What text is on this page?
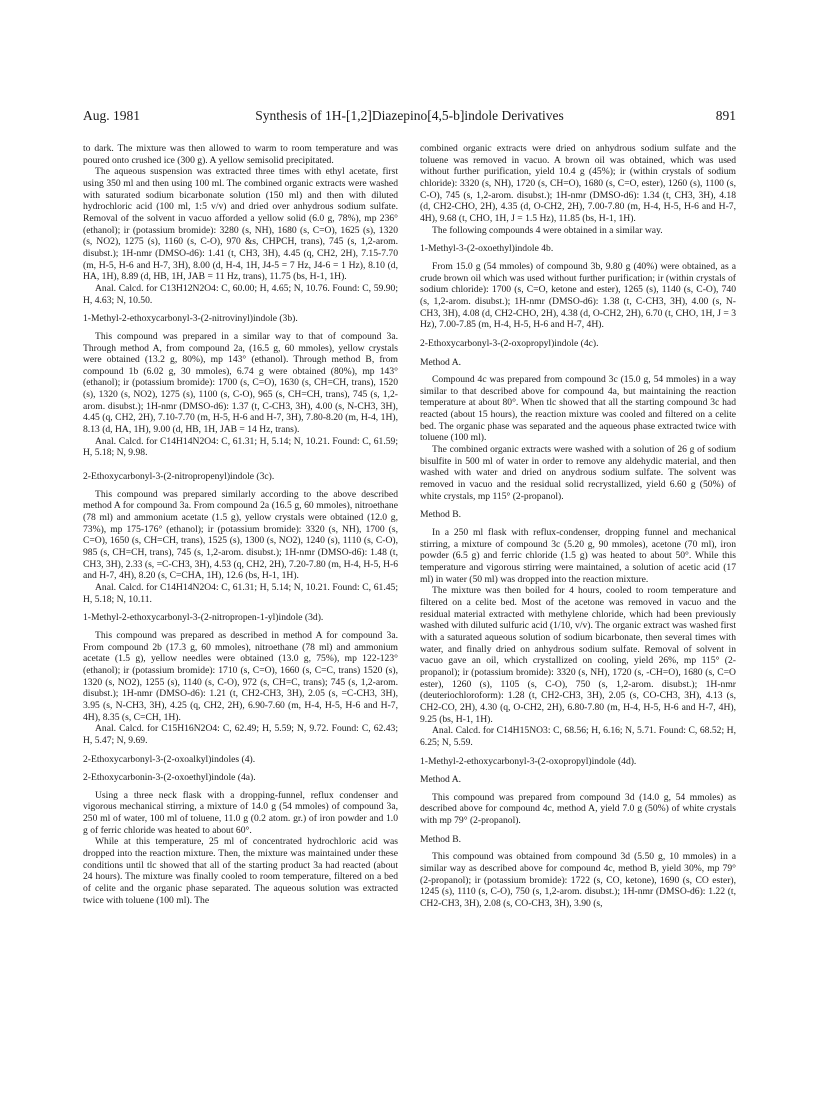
Aug. 1981	Synthesis of 1H-[1,2]Diazepino[4,5-b]indole Derivatives	891

to dark. The mixture was then allowed to warm to room temperature and was poured onto crushed ice (300 g). A yellow semisolid precipitated.

The aqueous suspension was extracted three times with ethyl acetate, first using 350 ml and then using 100 ml. The combined organic extracts were washed with saturated sodium bicarbonate solution (150 ml) and then with diluted hydrochloric acid (100 ml, 1:5 v/v) and dried over anhydrous sodium sulfate. Removal of the solvent in vacuo afforded a yellow solid (6.0 g, 78%), mp 236° (ethanol); ir (potassium bromide): 3280 (s, NH), 1680 (s, C=O), 1625 (s), 1320 (s, NO2), 1275 (s), 1160 (s, C-O), 970 &s, CHPCH, trans), 745 (s, 1,2-arom. disubst.); 1H-nmr (DMSO-d6): 1.41 (t, CH3, 3H), 4.45 (q, CH2, 2H), 7.15-7.70 (m, H-5, H-6 and H-7, 3H), 8.00 (d, H-4, 1H, J4-5 = 7 Hz, J4-6 = 1 Hz), 8.10 (d, HA, 1H), 8.89 (d, HB, 1H, JAB = 11 Hz, trans), 11.75 (bs, H-1, 1H).

Anal. Calcd. for C13H12N2O4: C, 60.00; H, 4.65; N, 10.76. Found: C, 59.90; H, 4.63; N, 10.50.

1-Methyl-2-ethoxycarbonyl-3-(2-nitrovinyl)indole (3b).

This compound was prepared in a similar way to that of compound 3a. Through method A, from compound 2a, (16.5 g, 60 mmoles), yellow crystals were obtained (13.2 g, 80%), mp 143° (ethanol). Through method B, from compound 1b (6.02 g, 30 mmoles), 6.74 g were obtained (80%), mp 143° (ethanol); ir (potassium bromide): 1700 (s, C=O), 1630 (s, CH=CH, trans), 1520 (s), 1320 (s, NO2), 1275 (s), 1100 (s, C-O), 965 (s, CH=CH, trans), 745 (s, 1,2-arom. disubst.); 1H-nmr (DMSO-d6): 1.37 (t, C-CH3, 3H), 4.00 (s, N-CH3, 3H), 4.45 (q, CH2, 2H), 7.10-7.70 (m, H-5, H-6 and H-7, 3H), 7.80-8.20 (m, H-4, 1H), 8.13 (d, HA, 1H), 9.00 (d, HB, 1H, JAB = 14 Hz, trans).

Anal. Calcd. for C14H14N2O4: C, 61.31; H, 5.14; N, 10.21. Found: C, 61.59; H, 5.18; N, 9.98.

2-Ethoxycarbonyl-3-(2-nitropropenyl)indole (3c).

This compound was prepared similarly according to the above described method A for compound 3a. From compound 2a (16.5 g, 60 mmoles), nitroethane (78 ml) and ammonium acetate (1.5 g), yellow crystals were obtained (12.0 g, 73%), mp 175-176° (ethanol); ir (potassium bromide): 3320 (s, NH), 1700 (s, C=O), 1650 (s, CH=CH, trans), 1525 (s), 1300 (s, NO2), 1240 (s), 1110 (s, C-O), 985 (s, CH=CH, trans), 745 (s, 1,2-arom. disubst.); 1H-nmr (DMSO-d6): 1.48 (t, CH3, 3H), 2.33 (s, =C-CH3, 3H), 4.53 (q, CH2, 2H), 7.20-7.80 (m, H-4, H-5, H-6 and H-7, 4H), 8.20 (s, C=CHA, 1H), 12.6 (bs, H-1, 1H).

Anal. Calcd. for C14H14N2O4: C, 61.31; H, 5.14; N, 10.21. Found: C, 61.45; H, 5.18; N, 10.11.

1-Methyl-2-ethoxycarbonyl-3-(2-nitropropen-1-yl)indole (3d).

This compound was prepared as described in method A for compound 3a. From compound 2b (17.3 g, 60 mmoles), nitroethane (78 ml) and ammonium acetate (1.5 g), yellow needles were obtained (13.0 g, 75%), mp 122-123° (ethanol); ir (potassium bromide): 1710 (s, C=O), 1660 (s, C=C, trans) 1520 (s), 1320 (s, NO2), 1255 (s), 1140 (s, C-O), 972 (s, CH=C, trans); 745 (s, 1,2-arom. disubst.); 1H-nmr (DMSO-d6): 1.21 (t, CH2-CH3, 3H), 2.05 (s, =C-CH3, 3H), 3.95 (s, N-CH3, 3H), 4.25 (q, CH2, 2H), 6.90-7.60 (m, H-4, H-5, H-6 and H-7, 4H), 8.35 (s, C=CH, 1H).

Anal. Calcd. for C15H16N2O4: C, 62.49; H, 5.59; N, 9.72. Found: C, 62.43; H, 5.47; N, 9.69.

2-Ethoxycarbonyl-3-(2-oxoalkyl)indoles (4).

2-Ethoxycarbonin-3-(2-oxoethyl)indole (4a).

Using a three neck flask with a dropping-funnel, reflux condenser and vigorous mechanical stirring, a mixture of 14.0 g (54 mmoles) of compound 3a, 250 ml of water, 100 ml of toluene, 11.0 g (0.2 atom. gr.) of iron powder and 1.0 g of ferric chloride was heated to about 60°.

While at this temperature, 25 ml of concentrated hydrochloric acid was dropped into the reaction mixture. Then, the mixture was maintained under these conditions until tlc showed that all of the starting product 3a had reacted (about 24 hours). The mixture was finally cooled to room temperature, filtered on a bed of celite and the organic phase separated. The aqueous solution was extracted twice with toluene (100 ml). The

combined organic extracts were dried on anhydrous sodium sulfate and the toluene was removed in vacuo. A brown oil was obtained, which was used without further purification, yield 10.4 g (45%); ir (within crystals of sodium chloride): 3320 (s, NH), 1720 (s, CH=O), 1680 (s, C=O, ester), 1260 (s), 1100 (s, C-O), 745 (s, 1,2-arom. disubst.); 1H-nmr (DMSO-d6): 1.34 (t, CH3, 3H), 4.18 (d, CH2-CHO, 2H), 4.35 (d, O-CH2, 2H), 7.00-7.80 (m, H-4, H-5, H-6 and H-7, 4H), 9.68 (t, CHO, 1H, J = 1.5 Hz), 11.85 (bs, H-1, 1H).

The following compounds 4 were obtained in a similar way.

1-Methyl-3-(2-oxoethyl)indole 4b.

From 15.0 g (54 mmoles) of compound 3b, 9.80 g (40%) were obtained, as a crude brown oil which was used without further purification; ir (within crystals of sodium chloride): 1700 (s, C=O, ketone and ester), 1265 (s), 1140 (s, C-O), 740 (s, 1,2-arom. disubst.); 1H-nmr (DMSO-d6): 1.38 (t, C-CH3, 3H), 4.00 (s, N-CH3, 3H), 4.08 (d, CH2-CHO, 2H), 4.38 (d, O-CH2, 2H), 6.70 (t, CHO, 1H, J = 3 Hz), 7.00-7.85 (m, H-4, H-5, H-6 and H-7, 4H).

2-Ethoxycarbonyl-3-(2-oxopropyl)indole (4c).

Method A.

Compound 4c was prepared from compound 3c (15.0 g, 54 mmoles) in a way similar to that described above for compound 4a, but maintaining the reaction temperature at about 80°. When tlc showed that all the starting compound 3c had reacted (about 15 hours), the reaction mixture was cooled and filtered on a celite bed. The organic phase was separated and the aqueous phase extracted twice with toluene (100 ml).

The combined organic extracts were washed with a solution of 26 g of sodium bisulfite in 500 ml of water in order to remove any aldehydic material, and then washed with water and dried on anydrous sodium sulfate. The solvent was removed in vacuo and the residual solid recrystallized, yield 6.60 g (50%) of white crystals, mp 115° (2-propanol).

Method B.

In a 250 ml flask with reflux-condenser, dropping funnel and mechanical stirring, a mixture of compound 3c (5.20 g, 90 mmoles), acetone (70 ml), iron powder (6.5 g) and ferric chloride (1.5 g) was heated to about 50°. While this temperature and vigorous stirring were maintained, a solution of acetic acid (17 ml) in water (50 ml) was dropped into the reaction mixture.

The mixture was then boiled for 4 hours, cooled to room temperature and filtered on a celite bed. Most of the acetone was removed in vacuo and the residual material extracted with methylene chloride, which had been previously washed with diluted sulfuric acid (1/10, v/v). The organic extract was washed first with a saturated aqueous solution of sodium bicarbonate, then several times with water, and finally dried on anhydrous sodium sulfate. Removal of solvent in vacuo gave an oil, which crystallized on cooling, yield 26%, mp 115° (2-propanol); ir (potassium bromide): 3320 (s, NH), 1720 (s, -CH=O), 1680 (s, C=O ester), 1260 (s), 1105 (s, C-O), 750 (s, 1,2-arom. disubst.); 1H-nmr (deuteriochloroform): 1.28 (t, CH2-CH3, 3H), 2.05 (s, CO-CH3, 3H), 4.13 (s, CH2-CO, 2H), 4.30 (q, O-CH2, 2H), 6.80-7.80 (m, H-4, H-5, H-6 and H-7, 4H), 9.25 (bs, H-1, 1H).

Anal. Calcd. for C14H15NO3: C, 68.56; H, 6.16; N, 5.71. Found: C, 68.52; H, 6.25; N, 5.59.

1-Methyl-2-ethoxycarbonyl-3-(2-oxopropyl)indole (4d).

Method A.

This compound was prepared from compound 3d (14.0 g, 54 mmoles) as described above for compound 4c, method A, yield 7.0 g (50%) of white crystals with mp 79° (2-propanol).

Method B.

This compound was obtained from compound 3d (5.50 g, 10 mmoles) in a similar way as described above for compound 4c, method B, yield 30%, mp 79° (2-propanol); ir (potassium bromide): 1722 (s, CO, ketone), 1690 (s, CO ester), 1245 (s), 1110 (s, C-O), 750 (s, 1,2-arom. disubst.); 1H-nmr (DMSO-d6): 1.22 (t, CH2-CH3, 3H), 2.08 (s, CO-CH3, 3H), 3.90 (s,
